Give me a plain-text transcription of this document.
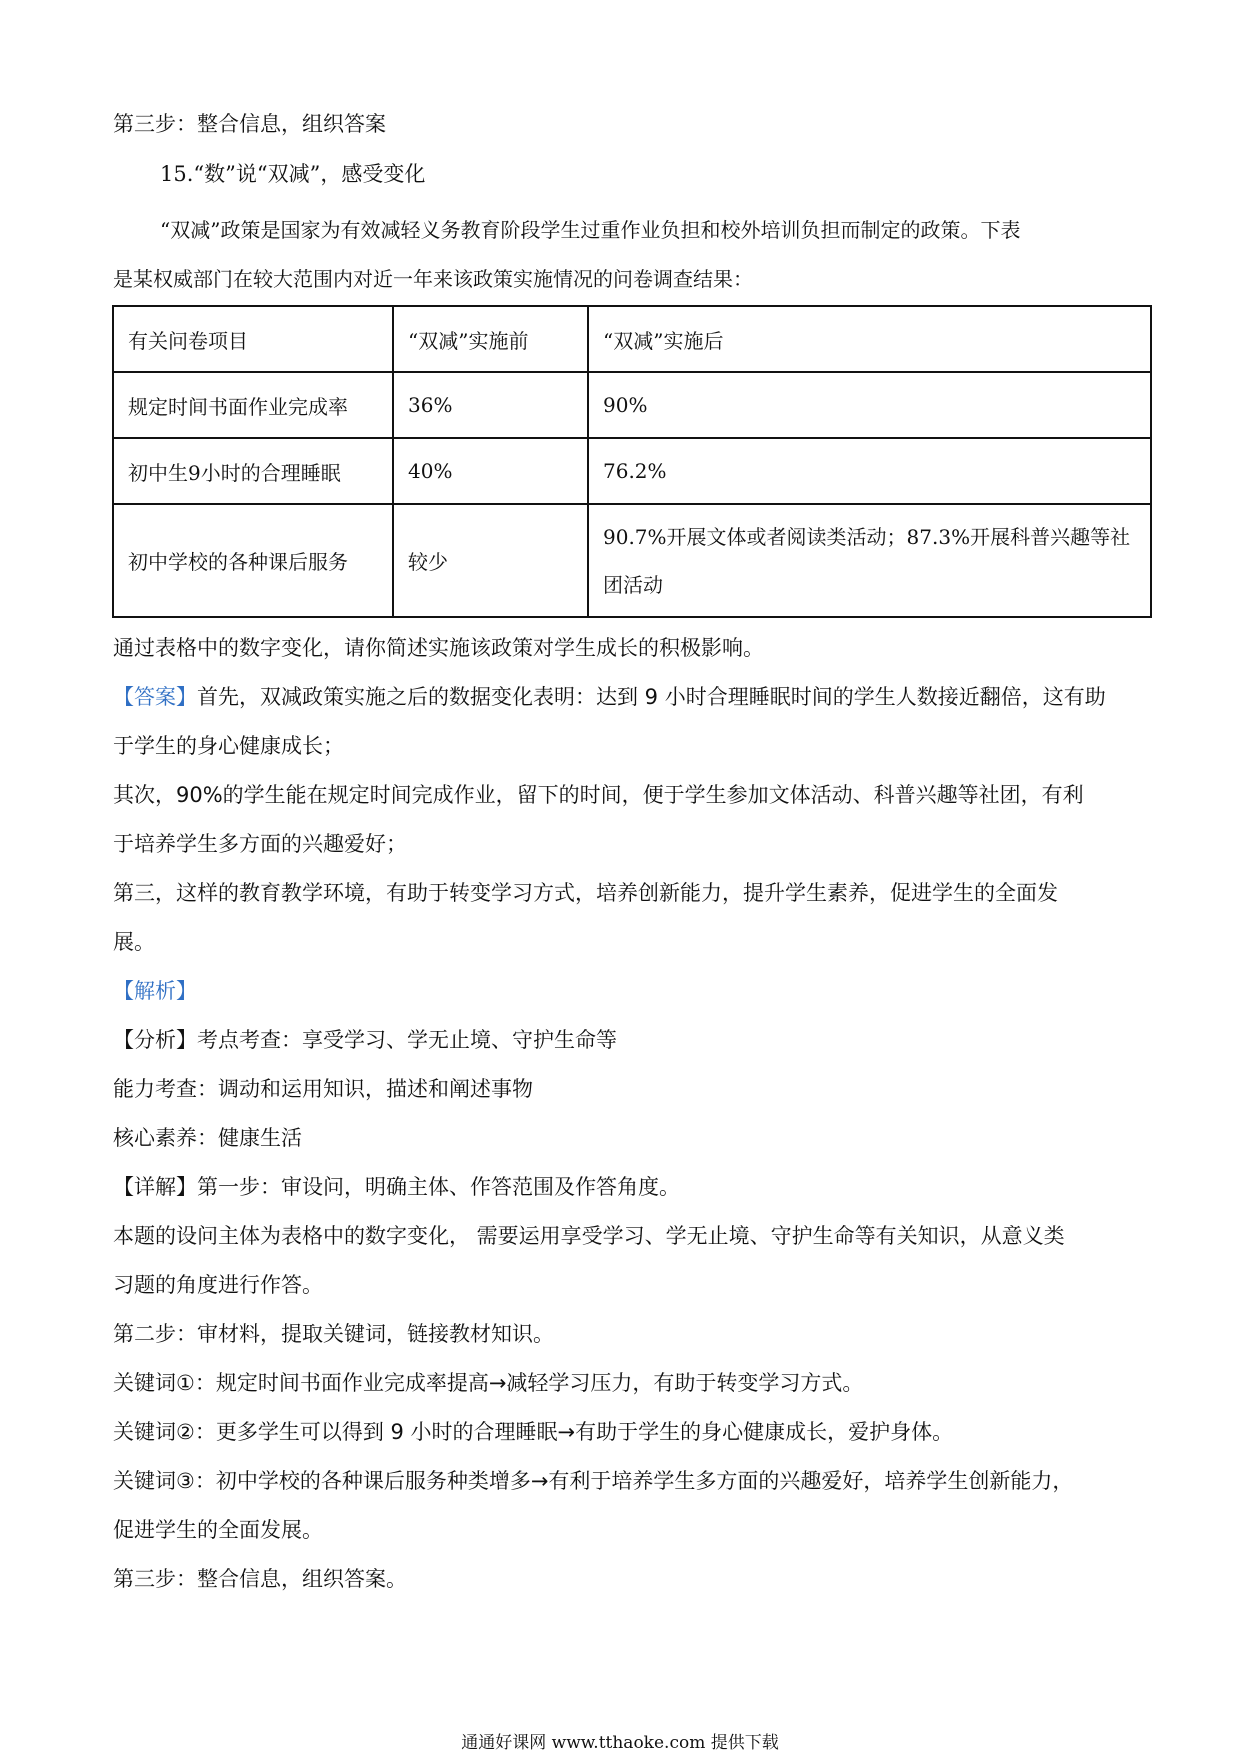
第三步：整合信息，组织答案
15.“数”说“双减”，感受变化
“双减”政策是国家为有效减轻义务教育阶段学生过重作业负担和校外培训负担而制定的政策。下表
是某权威部门在较大范围内对近一年来该政策实施情况的问卷调查结果：
有关问卷项目	“双减”实施前	“双减”实施后
规定时间书面作业完成率	36%	90%
初中生9小时的合理睡眠	40%	76.2%
初中学校的各种课后服务	较少	90.7%开展文体或者阅读类活动；87.3%开展科普兴趣等社团活动
通过表格中的数字变化，请你简述实施该政策对学生成长的积极影响。
【答案】首先，双减政策实施之后的数据变化表明：达到 9 小时合理睡眠时间的学生人数接近翻倍，这有助
于学生的身心健康成长；
其次，90%的学生能在规定时间完成作业，留下的时间，便于学生参加文体活动、科普兴趣等社团，有利
于培养学生多方面的兴趣爱好；
第三，这样的教育教学环境，有助于转变学习方式，培养创新能力，提升学生素养，促进学生的全面发
展。
【解析】
【分析】考点考查：享受学习、学无止境、守护生命等
能力考查：调动和运用知识，描述和阐述事物
核心素养：健康生活
【详解】第一步：审设问，明确主体、作答范围及作答角度。
本题的设问主体为表格中的数字变化， 需要运用享受学习、学无止境、守护生命等有关知识，从意义类
习题的角度进行作答。
第二步：审材料，提取关键词，链接教材知识。
关键词①：规定时间书面作业完成率提高→减轻学习压力，有助于转变学习方式。
关键词②：更多学生可以得到 9 小时的合理睡眠→有助于学生的身心健康成长，爱护身体。
关键词③：初中学校的各种课后服务种类增多→有利于培养学生多方面的兴趣爱好，培养学生创新能力，
促进学生的全面发展。
第三步：整合信息，组织答案。
通通好课网 www.tthaoke.com 提供下载
